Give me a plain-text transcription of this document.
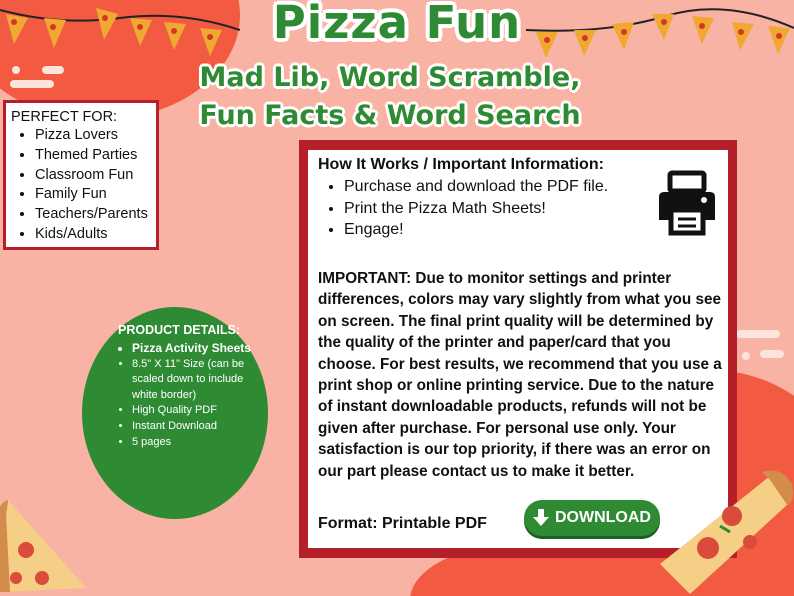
Pizza Fun
Mad Lib, Word Scramble,
Fun Facts & Word Search
PERFECT FOR:
• Pizza Lovers
• Themed Parties
• Classroom Fun
• Family Fun
• Teachers/Parents
• Kids/Adults
PRODUCT DETAILS:
• Pizza Activity Sheets
• 8.5" X 11" Size (can be scaled down to include white border)
• High Quality PDF
• Instant Download
• 5 pages
How It Works / Important Information:
• Purchase and download the PDF file.
• Print the Pizza Math Sheets!
• Engage!
IMPORTANT: Due to monitor settings and printer differences, colors may vary slightly from what you see on screen. The final print quality will be determined by the quality of the printer and paper/card that you choose. For best results, we recommend that you use a print shop or online printing service. Due to the nature of instant downloadable products, refunds will not be given after purchase. For personal use only. Your satisfaction is our top priority, if there was an error on our part please contact us to make it better.
Format: Printable PDF	DOWNLOAD
